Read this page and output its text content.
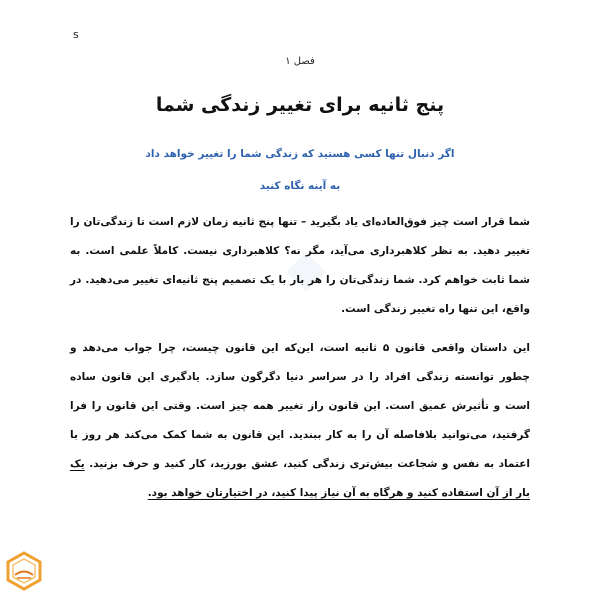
s
فصل ۱
پنج ثانیه برای تغییر زندگی شما
اگر دنبال تنها کسی هستید که زندگی شما را تغییر خواهد داد
به آینه نگاه کنید

شما قرار است چیز فوق‌العاده‌ای یاد بگیرید – تنها پنج ثانیه زمان لازم است تا زندگی‌تان را تغییر دهید. به نظر کلاهبرداری می‌آید، مگر نه؟ کلاهبرداری نیست. کاملاً علمی است. به شما ثابت خواهم کرد. شما زندگی‌تان را هر بار با یک تصمیم پنج ثانیه‌ای تغییر می‌دهید. در واقع، این تنها راه تغییر زندگی است.

این داستان واقعی قانون ۵ ثانیه است، این‌که این قانون چیست، چرا جواب می‌دهد و چطور توانسته زندگی افراد را در سراسر دنیا دگرگون سازد. یادگیری این قانون ساده است و تأثیرش عمیق است. این قانون راز تغییر همه چیز است. وقتی این قانون را فرا گرفتید، می‌توانید بلافاصله آن را به کار ببندید. این قانون به شما کمک می‌کند هر روز با اعتماد به نفس و شجاعت بیش‌تری زندگی کنید، عشق بورزید، کار کنید و حرف بزنید. یک بار از آن استفاده کنید و هرگاه به آن نیاز پیدا کنید، در اختیارتان خواهد بود.
